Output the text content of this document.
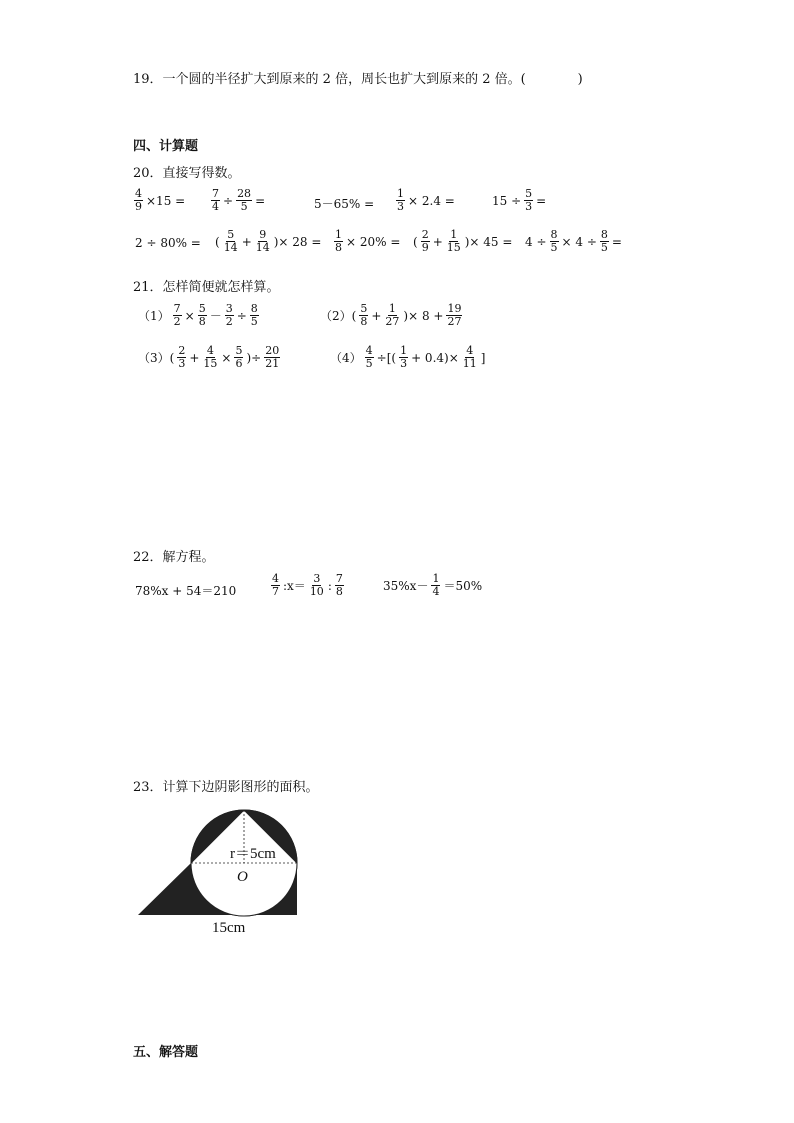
19．一个圆的半径扩大到原来的 2 倍，周长也扩大到原来的 2 倍。(　　　　)
四、计算题
20．直接写得数。
$\frac{4}{9} \times 15 = \frac{7}{4} \div \frac{28}{5}$ =	$5-65\% = \frac{1}{3} \times 2.4$ =	$15 \div \frac{5}{3}$ =
2 ÷ 80% = ( $\frac{5}{14} + \frac{9}{14}$ )× $28 = \frac{1}{8} \times 20\%$ = ( $\frac{2}{9} + \frac{1}{15}$ )× $45 = 4 \div \frac{8}{5} \times 4 \div \frac{8}{5}$ =
21．怎样简便就怎样算。
$(1) \frac{7}{2} \times \frac{5}{8} - \frac{3}{2} \div \frac{8}{5}$	$(2)( \frac{5}{8} + \frac{1}{27}$ )× $8 + \frac{19}{27}$
$(3)( \frac{2}{3} + \frac{4}{15} \times \frac{5}{6}$ )÷ $\frac{20}{21}$	$(4) \frac{4}{5}$ ÷[( $\frac{1}{3} + 0.4)\times \frac{4}{11}$ ]
22．解方程。
78%x + 54＝210	$\frac{4}{7}$ :x＝ $\frac{3}{10}$ : $\frac{7}{8}$	$35\%x- \frac{1}{4} =50\%$
23．计算下边阴影图形的面积。
r＝5cm
O
15cm
五、解答题
